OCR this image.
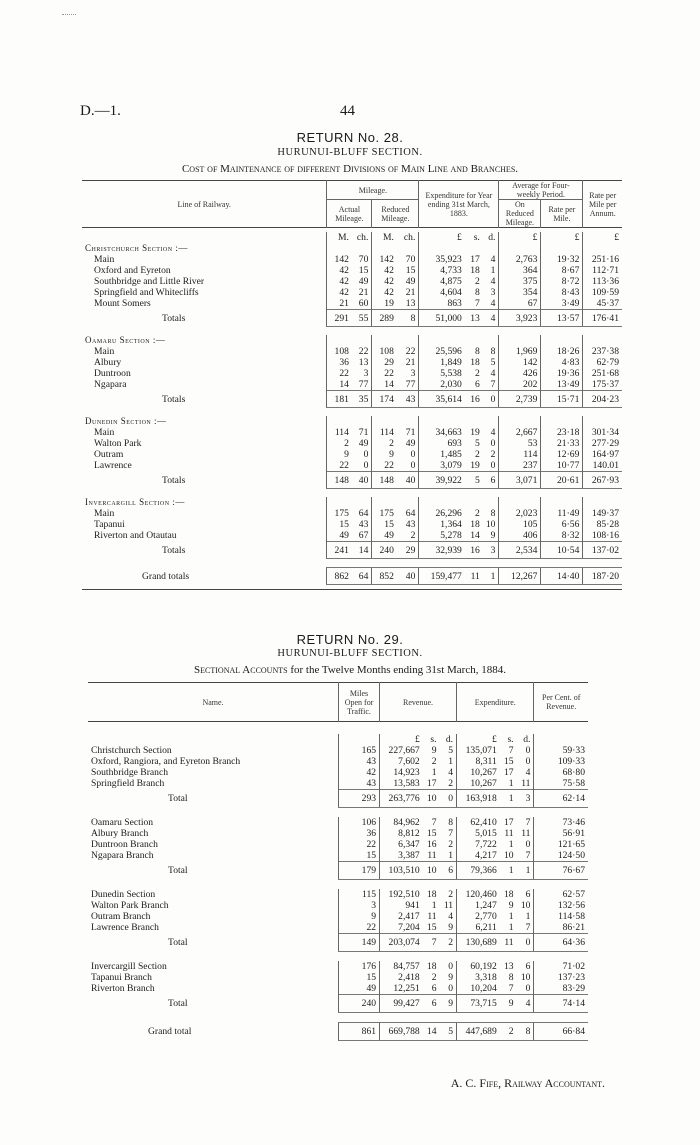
D.—1.	44
RETURN No. 28.
HURUNUI-BLUFF SECTION.
Cost of Maintenance of different Divisions of Main Line and Branches.
Line of Railway.	Mileage.				Expenditure for Year ending 31st March, 1883.			Average for Four-weekly Period.		Rate per Mile per Annum.
	Actual Mileage.		Reduced Mileage.					On Reduced Mileage.	Rate per Mile.	

	M.	ch.	M.	ch.	£	s.	d.	£	£	£
Christchurch Section :—										
Main	142	70	142	70	35,923	17	4	2,763	19·32	251·16
Oxford and Eyreton	42	15	42	15	4,733	18	1	364	8·67	112·71
Southbridge and Little River	42	49	42	49	4,875	2	4	375	8·72	113·36
Springfield and Whitecliffs	42	21	42	21	4,604	8	3	354	8·43	109·59
Mount Somers	21	60	19	13	863	7	4	67	3·49	45·37
Totals	291	55	289	8	51,000	13	4	3,923	13·57	176·41

Oamaru Section :—										
Main	108	22	108	22	25,596	8	8	1,969	18·26	237·38
Albury	36	13	29	21	1,849	18	5	142	4·83	62·79
Duntroon	22	3	22	3	5,538	2	4	426	19·36	251·68
Ngapara	14	77	14	77	2,030	6	7	202	13·49	175·37
Totals	181	35	174	43	35,614	16	0	2,739	15·71	204·23

Dunedin Section :—										
Main	114	71	114	71	34,663	19	4	2,667	23·18	301·34
Walton Park	2	49	2	49	693	5	0	53	21·33	277·29
Outram	9	0	9	0	1,485	2	2	114	12·69	164·97
Lawrence	22	0	22	0	3,079	19	0	237	10·77	140.01
Totals	148	40	148	40	39,922	5	6	3,071	20·61	267·93

Invercargill Section :—										
Main	175	64	175	64	26,296	2	8	2,023	11·49	149·37
Tapanui	15	43	15	43	1,364	18	10	105	6·56	85·28
Riverton and Otautau	49	67	49	2	5,278	14	9	406	8·32	108·16
Totals	241	14	240	29	32,939	16	3	2,534	10·54	137·02

Grand totals	862	64	852	40	159,477	11	1	12,267	14·40	187·20

RETURN No. 29.
HURUNUI-BLUFF SECTION.
Sectional Accounts for the Twelve Months ending 31st March, 1884.
Name.	Miles Open for Traffic.	Revenue.			Expenditure.			Per Cent. of Revenue.

		£	s.	d.	£	s.	d.	
Christchurch Section	165	227,667	9	5	135,071	7	0	59·33
Oxford, Rangiora, and Eyreton Branch	43	7,602	2	1	8,311	15	0	109·33
Southbridge Branch	42	14,923	1	4	10,267	17	4	68·80
Springfield Branch	43	13,583	17	2	10,267	1	11	75·58
Total	293	263,776	10	0	163,918	1	3	62·14

Oamaru Section	106	84,962	7	8	62,410	17	7	73·46
Albury Branch	36	8,812	15	7	5,015	11	11	56·91
Duntroon Branch	22	6,347	16	2	7,722	1	0	121·65
Ngapara Branch	15	3,387	11	1	4,217	10	7	124·50
Total	179	103,510	10	6	79,366	1	1	76·67

Dunedin Section	115	192,510	18	2	120,460	18	6	62·57
Walton Park Branch	3	941	1	11	1,247	9	10	132·56
Outram Branch	9	2,417	11	4	2,770	1	1	114·58
Lawrence Branch	22	7,204	15	9	6,211	1	7	86·21
Total	149	203,074	7	2	130,689	11	0	64·36

Invercargill Section	176	84,757	18	0	60,192	13	6	71·02
Tapanui Branch	15	2,418	2	9	3,318	8	10	137·23
Riverton Branch	49	12,251	6	0	10,204	7	0	83·29
Total	240	99,427	6	9	73,715	9	4	74·14

Grand total	861	669,788	14	5	447,689	2	8	66·84
A. C. Fife, Railway Accountant.
